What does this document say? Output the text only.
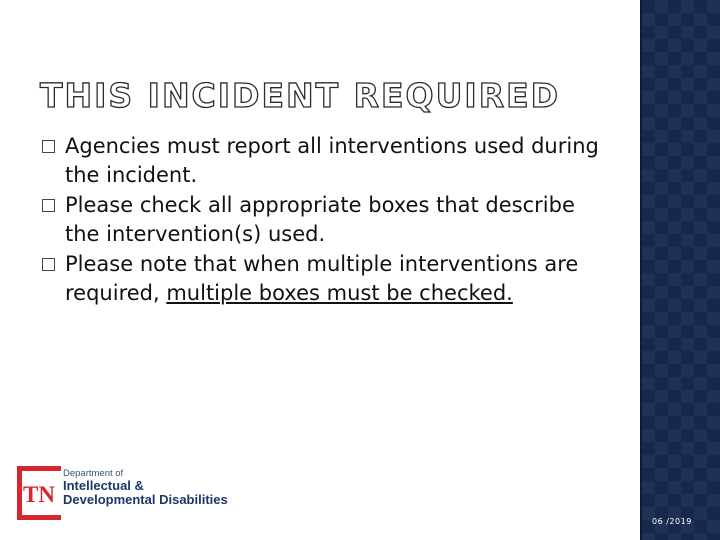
THIS INCIDENT REQUIRED
Agencies must report all interventions used during the incident.
Please check all appropriate boxes that describe the intervention(s) used.
Please note that when multiple interventions are required, multiple boxes must be checked.
TN
Department of
Intellectual &
Developmental Disabilities
06 /2019
